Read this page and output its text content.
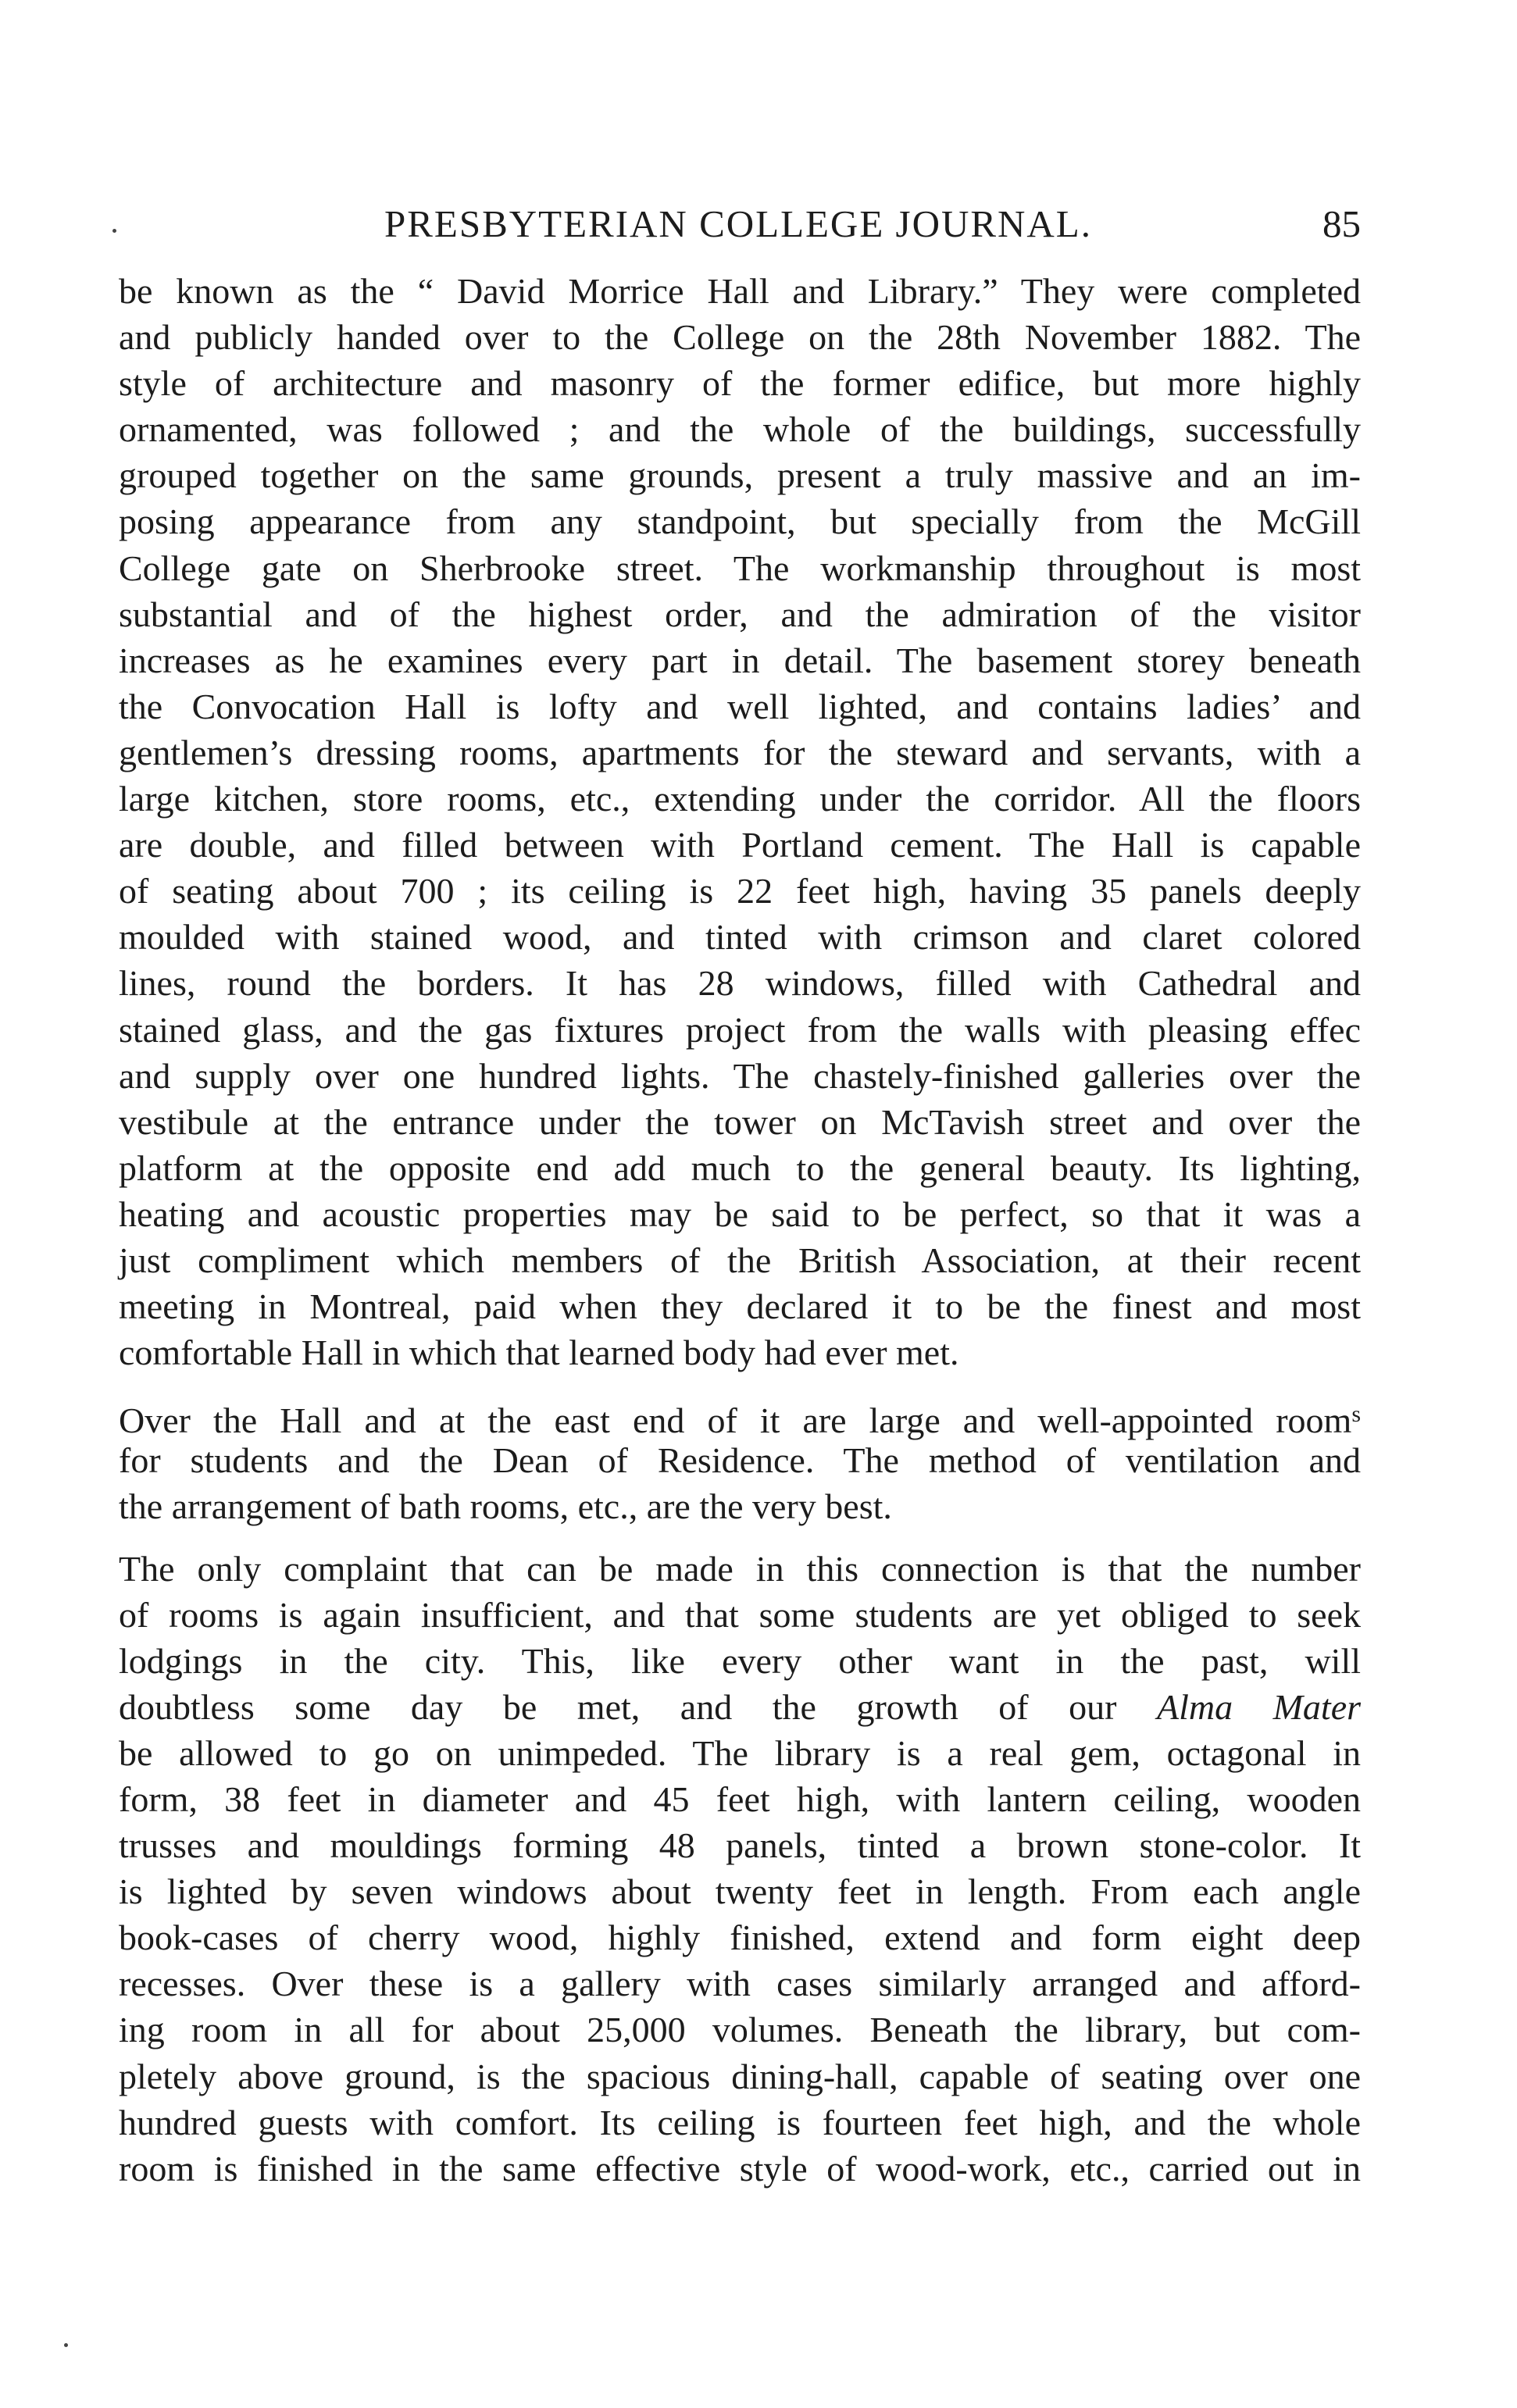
PRESBYTERIAN COLLEGE JOURNAL.	85
be known as the “ David Morrice Hall and Library.” They were completed
and publicly handed over to the College on the 28th November 1882. The
style of architecture and masonry of the former edifice, but more highly
ornamented, was followed ; and the whole of the buildings, successfully
grouped together on the same grounds, present a truly massive and an im-
posing appearance from any standpoint, but specially from the McGill
College gate on Sherbrooke street. The workmanship throughout is most
substantial and of the highest order, and the admiration of the visitor
increases as he examines every part in detail. The basement storey beneath
the Convocation Hall is lofty and well lighted, and contains ladies’ and
gentlemen’s dressing rooms, apartments for the steward and servants, with a
large kitchen, store rooms, etc., extending under the corridor. All the floors
are double, and filled between with Portland cement. The Hall is capable
of seating about 700 ; its ceiling is 22 feet high, having 35 panels deeply
moulded with stained wood, and tinted with crimson and claret colored
lines, round the borders. It has 28 windows, filled with Cathedral and
stained glass, and the gas fixtures project from the walls with pleasing effec
and supply over one hundred lights. The chastely-finished galleries over the
vestibule at the entrance under the tower on McTavish street and over the
platform at the opposite end add much to the general beauty. Its lighting,
heating and acoustic properties may be said to be perfect, so that it was a
just compliment which members of the British Association, at their recent
meeting in Montreal, paid when they declared it to be the finest and most
comfortable Hall in which that learned body had ever met.
Over the Hall and at the east end of it are large and well-appointed room$^s$
for students and the Dean of Residence. The method of ventilation and
the arrangement of bath rooms, etc., are the very best.
The only complaint that can be made in this connection is that the number
of rooms is again insufficient, and that some students are yet obliged to seek
lodgings in the city. This, like every other want in the past, will
doubtless some day be met, and the growth of our Alma Mater
be allowed to go on unimpeded. The library is a real gem, octagonal in
form, 38 feet in diameter and 45 feet high, with lantern ceiling, wooden
trusses and mouldings forming 48 panels, tinted a brown stone-color. It
is lighted by seven windows about twenty feet in length. From each angle
book-cases of cherry wood, highly finished, extend and form eight deep
recesses. Over these is a gallery with cases similarly arranged and afford-
ing room in all for about 25,000 volumes. Beneath the library, but com-
pletely above ground, is the spacious dining-hall, capable of seating over one
hundred guests with comfort. Its ceiling is fourteen feet high, and the whole
room is finished in the same effective style of wood-work, etc., carried out in
